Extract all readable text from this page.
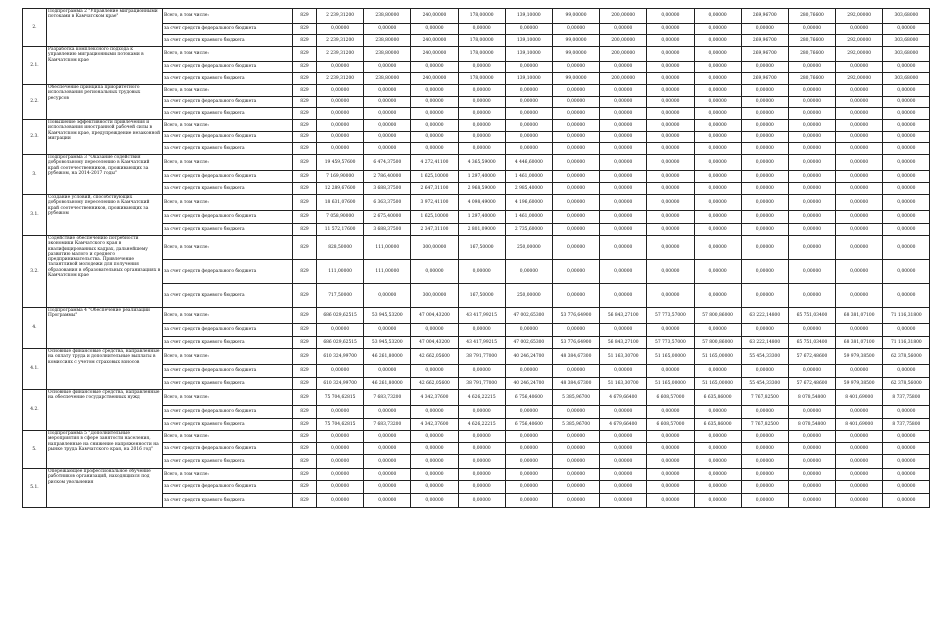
2.	Подпрограмма 2 "Управление миграционными потоками в Камчатском крае"	Всего, в том числе:	829	2 239,31200	238,80000	240,00000	178,00000	139,10000	99,00000	200,00000	0,00000	0,00000	269,96700	280,76600	292,00000	303,68000
		за счет средств федерального бюджета	829	0,00000	0,00000	0,00000	0,00000	0,00000	0,00000	0,00000	0,00000	0,00000	0,00000	0,00000	0,00000	0,00000
		за счет средств краевого бюджета	829	2 239,31200	238,80000	240,00000	178,00000	139,10000	99,00000	200,00000	0,00000	0,00000	269,96700	280,76600	292,00000	303,68000
2.1.	Разработка комплексного подхода к управлению миграционными потоками в Камчатском крае	Всего, в том числе:	829	2 239,31200	238,80000	240,00000	178,00000	139,10000	99,00000	200,00000	0,00000	0,00000	269,96700	280,76600	292,00000	303,68000
		за счет средств федерального бюджета	829	0,00000	0,00000	0,00000	0,00000	0,00000	0,00000	0,00000	0,00000	0,00000	0,00000	0,00000	0,00000	0,00000
		за счет средств краевого бюджета	829	2 239,31200	238,80000	240,00000	178,00000	139,10000	99,00000	200,00000	0,00000	0,00000	269,96700	280,76600	292,00000	303,68000
2.2.	Обеспечение принципа приоритетного использования региональных трудовых ресурсов	Всего, в том числе:	829	0,00000	0,00000	0,00000	0,00000	0,00000	0,00000	0,00000	0,00000	0,00000	0,00000	0,00000	0,00000	0,00000
		за счет средств федерального бюджета	829	0,00000	0,00000	0,00000	0,00000	0,00000	0,00000	0,00000	0,00000	0,00000	0,00000	0,00000	0,00000	0,00000
		за счет средств краевого бюджета	829	0,00000	0,00000	0,00000	0,00000	0,00000	0,00000	0,00000	0,00000	0,00000	0,00000	0,00000	0,00000	0,00000
2.3.	Повышение эффективности привлечения и использования иностранной рабочей силы в Камчатском крае, предупреждение незаконной миграции	Всего, в том числе:	829	0,00000	0,00000	0,00000	0,00000	0,00000	0,00000	0,00000	0,00000	0,00000	0,00000	0,00000	0,00000	0,00000
		за счет средств федерального бюджета	829	0,00000	0,00000	0,00000	0,00000	0,00000	0,00000	0,00000	0,00000	0,00000	0,00000	0,00000	0,00000	0,00000
		за счет средств краевого бюджета	829	0,00000	0,00000	0,00000	0,00000	0,00000	0,00000	0,00000	0,00000	0,00000	0,00000	0,00000	0,00000	0,00000
3.	Подпрограмма 3 "Оказание содействия добровольному переселению в Камчатский край соотечественников, проживающих за рубежом, на 2014-2017 годы"	Всего, в том числе:	829	19 459,57600	6 474,37500	4 272,41100	4 365,59000	4 446,60000	0,00000	0,00000	0,00000	0,00000	0,00000	0,00000	0,00000	0,00000
		за счет средств федерального бюджета	829	7 169,90000	2 786,40000	1 625,10000	1 297,40000	1 461,00000	0,00000	0,00000	0,00000	0,00000	0,00000	0,00000	0,00000	0,00000
		за счет средств краевого бюджета	829	12 289,67600	3 688,37500	2 647,31100	2 968,59000	2 985,40000	0,00000	0,00000	0,00000	0,00000	0,00000	0,00000	0,00000	0,00000
3.1.	Создание условий, способствующих добровольному переселению в Камчатский край соотечественников, проживающих за рубежом	Всего, в том числе:	829	18 631,07600	6 363,37500	3 972,41100	4 098,49000	4 196,60000	0,00000	0,00000	0,00000	0,00000	0,00000	0,00000	0,00000	0,00000
		за счет средств федерального бюджета	829	7 058,90000	2 675,40000	1 625,10000	1 297,40000	1 461,00000	0,00000	0,00000	0,00000	0,00000	0,00000	0,00000	0,00000	0,00000
		за счет средств краевого бюджета	829	11 572,17600	3 688,37500	2 347,31100	2 801,09000	2 735,60000	0,00000	0,00000	0,00000	0,00000	0,00000	0,00000	0,00000	0,00000
3.2.	Содействие обеспечению потребности экономики Камчатского края в квалифицированных кадрах, дальнейшему развитию малого и среднего предпринимательства. Привлечение талантливой молодежи для получения образования в образовательных организациях в Камчатском крае	Всего, в том числе:	829	828,50000	111,00000	300,00000	167,50000	250,00000	0,00000	0,00000	0,00000	0,00000	0,00000	0,00000	0,00000	0,00000
		за счет средств федерального бюджета	829	111,00000	111,00000	0,00000	0,00000	0,00000	0,00000	0,00000	0,00000	0,00000	0,00000	0,00000	0,00000	0,00000
		за счет средств краевого бюджета	829	717,50000	0,00000	300,00000	167,50000	250,00000	0,00000	0,00000	0,00000	0,00000	0,00000	0,00000	0,00000	0,00000
4.	Подпрограмма 4 "Обеспечение реализации Программы"	Всего, в том числе:	829	686 029,62515	53 945,53200	47 004,43200	43 417,99215	47 002,65300	53 776,64900	56 843,27100	57 773,57000	57 800,86000	63 222,14800	65 751,03400	68 381,07100	71 116,31800
		за счет средств федерального бюджета	829	0,00000	0,00000	0,00000	0,00000	0,00000	0,00000	0,00000	0,00000	0,00000	0,00000	0,00000	0,00000	0,00000
		за счет средств краевого бюджета	829	686 029,62515	53 945,53200	47 004,43200	43 417,99215	47 002,65300	53 776,64900	56 843,27100	57 773,57000	57 800,86000	63 222,14800	65 751,03400	68 381,07100	71 116,31800
4.1.	Основные финансовые средства, направленные на оплату труда и дополнительные выплаты в комиссиях с учетом страховых взносов	Всего, в том числе:	829	610 324,99700	46 261,80000	42 662,05600	38 791,77000	40 246,24700	48 384,67300	51 163,30700	51 165,00000	51 165,00000	55 454,33300	57 672,48600	59 979,38500	62 378,56000
		за счет средств федерального бюджета	829	0,00000	0,00000	0,00000	0,00000	0,00000	0,00000	0,00000	0,00000	0,00000	0,00000	0,00000	0,00000	0,00000
		за счет средств краевого бюджета	829	610 324,99700	46 261,80000	42 662,05600	38 791,77000	40 246,24700	48 384,67300	51 163,30700	51 165,00000	51 165,00000	55 454,33300	57 672,48600	59 979,38500	62 378,56000
4.2.	Основные финансовые средства, направленные на обеспечение государственных нужд	Всего, в том числе:	829	75 704,62815	7 683,73200	4 342,37600	4 626,22215	6 756,40600	5 385,96700	4 679,66400	6 608,57000	6 635,86000	7 767,82500	8 078,54800	8 401,69000	8 737,75800
		за счет средств федерального бюджета	829	0,00000	0,00000	0,00000	0,00000	0,00000	0,00000	0,00000	0,00000	0,00000	0,00000	0,00000	0,00000	0,00000
		за счет средств краевого бюджета	829	75 704,62815	7 683,73200	4 342,37600	4 626,22215	6 756,40600	5 385,96700	4 679,66400	6 608,57000	6 635,86000	7 767,82500	8 078,54800	8 401,69000	8 737,75800
5.	Подпрограмма 5 "Дополнительные мероприятия в сфере занятости населения, направленные на снижение напряженности на рынке труда Камчатского края, на 2016 год"	Всего, в том числе:	829	0,00000	0,00000	0,00000	0,00000	0,00000	0,00000	0,00000	0,00000	0,00000	0,00000	0,00000	0,00000	0,00000
		за счет средств федерального бюджета	829	0,00000	0,00000	0,00000	0,00000	0,00000	0,00000	0,00000	0,00000	0,00000	0,00000	0,00000	0,00000	0,00000
		за счет средств краевого бюджета	829	0,00000	0,00000	0,00000	0,00000	0,00000	0,00000	0,00000	0,00000	0,00000	0,00000	0,00000	0,00000	0,00000
5.1.	Опережающее профессиональное обучение работников организаций, находящихся под риском увольнения	Всего, в том числе:	829	0,00000	0,00000	0,00000	0,00000	0,00000	0,00000	0,00000	0,00000	0,00000	0,00000	0,00000	0,00000	0,00000
		за счет средств федерального бюджета	829	0,00000	0,00000	0,00000	0,00000	0,00000	0,00000	0,00000	0,00000	0,00000	0,00000	0,00000	0,00000	0,00000
		за счет средств краевого бюджета	829	0,00000	0,00000	0,00000	0,00000	0,00000	0,00000	0,00000	0,00000	0,00000	0,00000	0,00000	0,00000	0,00000
